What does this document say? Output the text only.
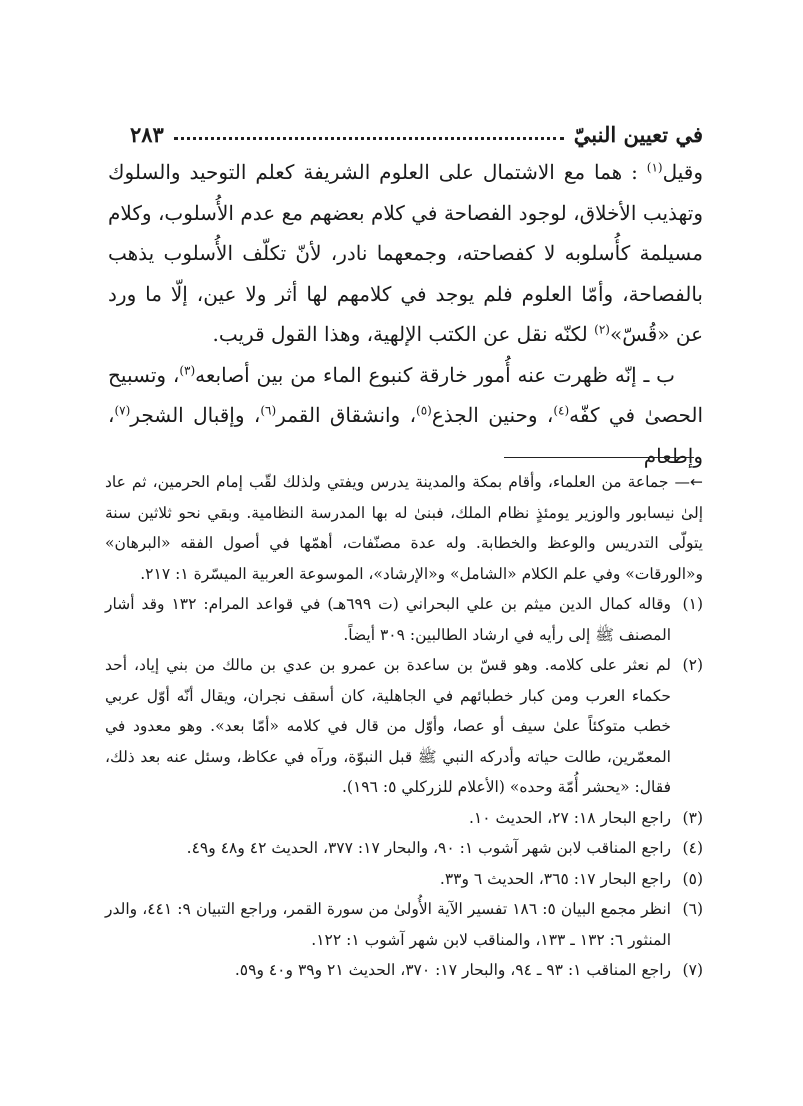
في تعيين النبيّ
٢٨٣

وقيل$^{(١)}$ : هما مع الاشتمال على العلوم الشريفة كعلم التوحيد والسلوك وتهذيب الأخلاق، لوجود الفصاحة في كلام بعضهم مع عدم الأُسلوب، وكلام مسيلمة كأُسلوبه لا كفصاحته، وجمعهما نادر، لأنّ تكلّف الأُسلوب يذهب بالفصاحة، وأمّا العلوم فلم يوجد في كلامهم لها أثر ولا عين، إلّا ما ورد عن «قُسّ»$^{(٢)}$ لكنّه نقل عن الكتب الإلهية، وهذا القول قريب.

ب ـ إنّه ظهرت عنه أُمور خارقة كنبوع الماء من بين أصابعه$^{(٣)}$، وتسبيح الحصىٰ في كفّه$^{(٤)}$، وحنين الجذع$^{(٥)}$، وانشقاق القمر$^{(٦)}$، وإقبال الشجر$^{(٧)}$، وإطعام

←— جماعة من العلماء، وأقام بمكة والمدينة يدرس ويفتي ولذلك لقّب إمام الحرمين، ثم عاد إلىٰ نيسابور والوزير يومئذٍ نظام الملك، فبنىٰ له بها المدرسة النظامية. وبقي نحو ثلاثين سنة يتولّى التدريس والوعظ والخطابة. وله عدة مصنّفات، أهمّها في أصول الفقه «البرهان» و«الورقات» وفي علم الكلام «الشامل» و«الإرشاد»، الموسوعة العربية الميسّرة ١: ٢١٧.

(١)
وقاله كمال الدين ميثم بن علي البحراني (ت ٦٩٩هـ) في قواعد المرام: ١٣٢ وقد أشار المصنف ﷺ إلى رأيه في ارشاد الطالبين: ٣٠٩ أيضاً.
(٢)
لم نعثر على كلامه. وهو قسّ بن ساعدة بن عمرو بن عدي بن مالك من بني إياد، أحد حكماء العرب ومن كبار خطبائهم في الجاهلية، كان أسقف نجران، ويقال أنّه أوّل عربي خطب متوكئاً علىٰ سيف أو عصا، وأوّل من قال في كلامه «أمّا بعد». وهو معدود في المعمّرين، طالت حياته وأدركه النبي ﷺ قبل النبوّة، ورآه في عكاظ، وسئل عنه بعد ذلك، فقال: «يحشر أُمّة وحده» (الأعلام للزركلي ٥: ١٩٦).
(٣)
راجع البحار ١٨: ٢٧، الحديث ١٠.
(٤)
راجع المناقب لابن شهر آشوب ١: ٩٠، والبحار ١٧: ٣٧٧، الحديث ٤٢ و٤٨ و٤٩.
(٥)
راجع البحار ١٧: ٣٦٥، الحديث ٦ و٣٣.
(٦)
انظر مجمع البيان ٥: ١٨٦ تفسير الآية الأُولىٰ من سورة القمر، وراجع التبيان ٩: ٤٤١، والدر المنثور ٦: ١٣٢ ـ ١٣٣، والمناقب لابن شهر آشوب ١: ١٢٢.
(٧)
راجع المناقب ١: ٩٣ ـ ٩٤، والبحار ١٧: ٣٧٠، الحديث ٢١ و٣٩ و٤٠ و٥٩.
